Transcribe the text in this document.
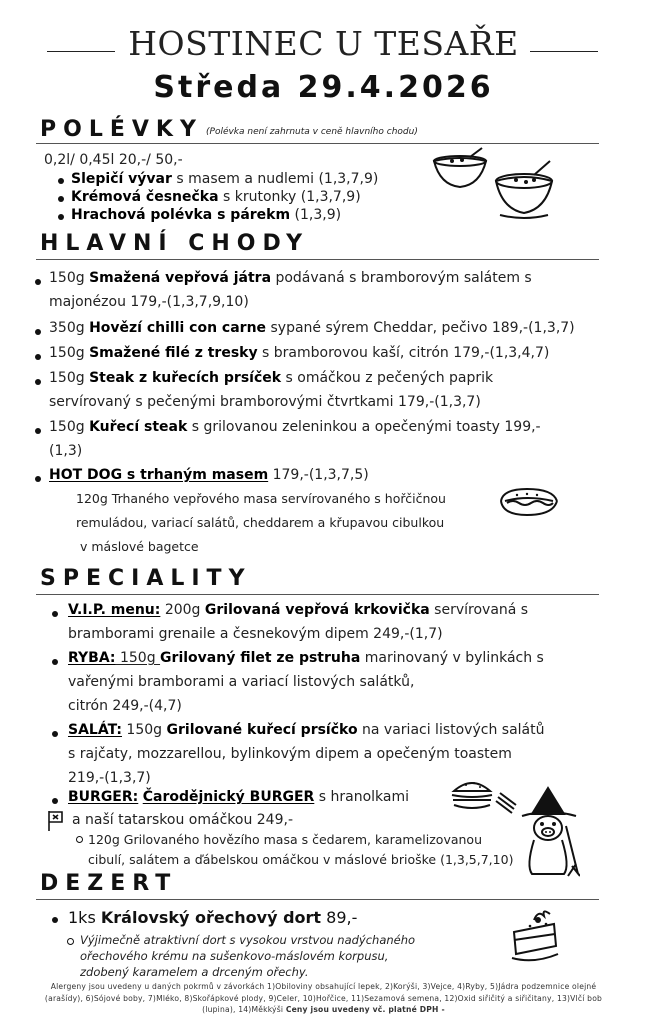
HOSTINEC U TESAŘE
Středa 29.4.2026
POLÉVKY (Polévka není zahrnuta v ceně hlavního chodu)
0,2l/ 0,45l 20,-/ 50,-
Slepičí vývar s masem a nudlemi (1,3,7,9)
Krémová česnečka s krutonky (1,3,7,9)
Hrachová polévka s párekm (1,3,9)
HLAVNÍ CHODY
150g Smažená vepřová játra podávaná s bramborovým salátem s
majonézou 179,-(1,3,7,9,10)
350g Hovězí chilli con carne sypané sýrem Cheddar, pečivo 189,-(1,3,7)
150g Smažené filé z tresky s bramborovou kaší, citrón 179,-(1,3,4,7)
150g Steak z kuřecích prsíček s omáčkou z pečených paprik
servírovaný s pečenými bramborovými čtvrtkami 179,-(1,3,7)
150g Kuřecí steak s grilovanou zeleninkou a opečenými toasty 199,-
(1,3)
HOT DOG s trhaným masem 179,-(1,3,7,5)
120g Trhaného vepřového masa servírovaného s hořčičnou
remuládou, variací salátů, cheddarem a křupavou cibulkou
v máslové bagetce
SPECIALITY
V.I.P. menu: 200g Grilovaná vepřová krkovička servírovaná s
bramborami grenaile a česnekovým dipem 249,-(1,7)
RYBA: 150g Grilovaný filet ze pstruha marinovaný v bylinkách s
vařenými bramborami a variací listových salátků,
citrón 249,-(4,7)
SALÁT: 150g Grilované kuřecí prsíčko na variaci listových salátů
s rajčaty, mozzarellou, bylinkovým dipem a opečeným toastem
219,-(1,3,7)
BURGER: Čarodějnický BURGER s hranolkami
a naší tatarskou omáčkou 249,-
120g Grilovaného hovězího masa s čedarem, karamelizovanou
cibulí, salátem a ďábelskou omáčkou v máslové brioške (1,3,5,7,10)
DEZERT
1ks Královský ořechový dort 89,-
Výjimečně atraktivní dort s vysokou vrstvou nadýchaného
ořechového krému na sušenkovo-máslovém korpusu,
zdobený karamelem a drceným ořechy.
Alergeny jsou uvedeny u daných pokrmů v závorkách 1)Obiloviny obsahující lepek, 2)Korýši, 3)Vejce, 4)Ryby, 5)Jádra podzemnice olejné
(arašídy), 6)Sójové boby, 7)Mléko, 8)Skořápkové plody, 9)Celer, 10)Hořčice, 11)Sezamová semena, 12)Oxid siřičitý a siřičitany, 13)Vlčí bob
(lupina), 14)Měkkýši Ceny jsou uvedeny vč. platné DPH -
